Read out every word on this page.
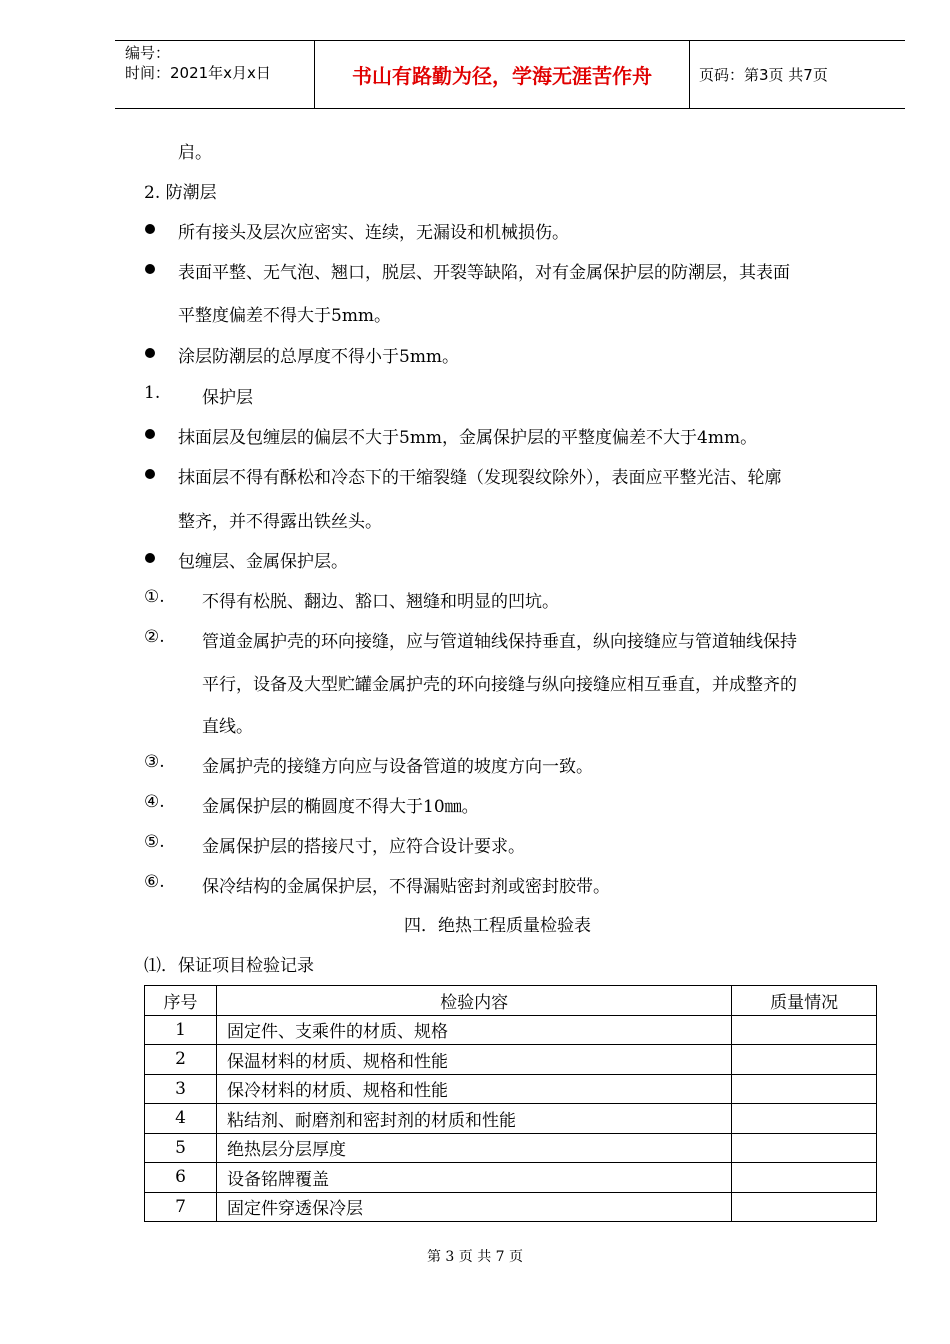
编号：
时间：2021年x月x日	书山有路勤为径，学海无涯苦作舟	页码：第3页 共7页
启。
2. 防潮层
所有接头及层次应密实、连续，无漏设和机械损伤。
表面平整、无气泡、翘口，脱层、开裂等缺陷，对有金属保护层的防潮层，其表面
平整度偏差不得大于5mm。
涂层防潮层的总厚度不得小于5mm。
1. 保护层
抹面层及包缠层的偏层不大于5mm，金属保护层的平整度偏差不大于4mm。
抹面层不得有酥松和冷态下的干缩裂缝（发现裂纹除外），表面应平整光洁、轮廓
整齐，并不得露出铁丝头。
包缠层、金属保护层。
①. 不得有松脱、翻边、豁口、翘缝和明显的凹坑。
②. 管道金属护壳的环向接缝，应与管道轴线保持垂直，纵向接缝应与管道轴线保持
平行，设备及大型贮罐金属护壳的环向接缝与纵向接缝应相互垂直，并成整齐的
直线。
③. 金属护壳的接缝方向应与设备管道的坡度方向一致。
④. 金属保护层的椭圆度不得大于10㎜。
⑤. 金属保护层的搭接尺寸，应符合设计要求。
⑥. 保冷结构的金属保护层，不得漏贴密封剂或密封胶带。
四．绝热工程质量检验表
⑴．保证项目检验记录
序号	检验内容	质量情况
1	固定件、支乘件的材质、规格	
2	保温材料的材质、规格和性能	
3	保冷材料的材质、规格和性能	
4	粘结剂、耐磨剂和密封剂的材质和性能	
5	绝热层分层厚度	
6	设备铭牌覆盖	
7	固定件穿透保冷层	
第 3 页 共 7 页
